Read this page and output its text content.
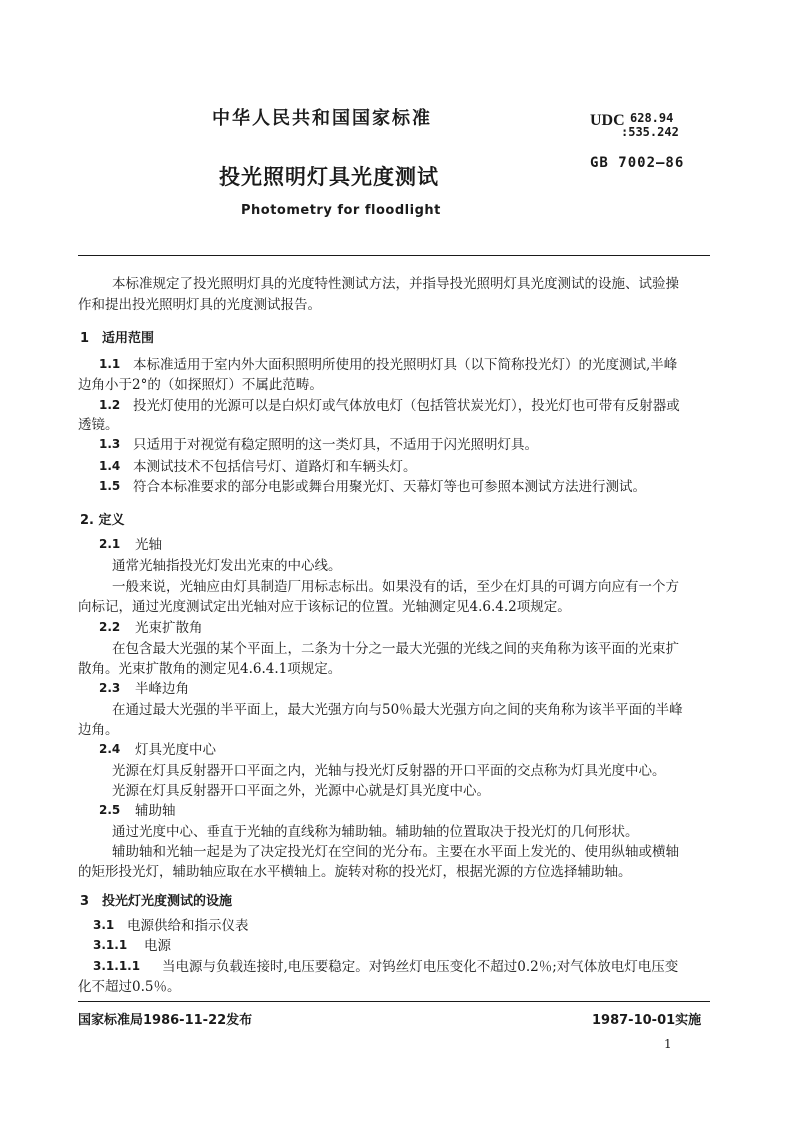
中华人民共和国国家标准	UDC 628.94
:535.242
GB 7002—86
投光照明灯具光度测试
Photometry for floodlight
本标准规定了投光照明灯具的光度特性测试方法，并指导投光照明灯具光度测试的设施、试验操
作和提出投光照明灯具的光度测试报告。
1　适用范围
1.1 本标准适用于室内外大面积照明所使用的投光照明灯具（以下简称投光灯）的光度测试,半峰
边角小于2°的（如探照灯）不属此范畴。
1.2 投光灯使用的光源可以是白炽灯或气体放电灯（包括管状炭光灯），投光灯也可带有反射器或
透镜。
1.3 只适用于对视觉有稳定照明的这一类灯具，不适用于闪光照明灯具。
1.4 本测试技术不包括信号灯、道路灯和车辆头灯。
1.5 符合本标准要求的部分电影或舞台用聚光灯、天幕灯等也可参照本测试方法进行测试。
2. 定义
2.1 光轴
通常光轴指投光灯发出光束的中心线。
一般来说，光轴应由灯具制造厂用标志标出。如果没有的话，至少在灯具的可调方向应有一个方
向标记，通过光度测试定出光轴对应于该标记的位置。光轴测定见4.6.4.2项规定。
2.2 光束扩散角
在包含最大光强的某个平面上，二条为十分之一最大光强的光线之间的夹角称为该平面的光束扩
散角。光束扩散角的测定见4.6.4.1项规定。
2.3 半峰边角
在通过最大光强的半平面上，最大光强方向与50％最大光强方向之间的夹角称为该半平面的半峰
边角。
2.4 灯具光度中心
光源在灯具反射器开口平面之内，光轴与投光灯反射器的开口平面的交点称为灯具光度中心。
光源在灯具反射器开口平面之外，光源中心就是灯具光度中心。
2.5 辅助轴
通过光度中心、垂直于光轴的直线称为辅助轴。辅助轴的位置取决于投光灯的几何形状。
辅助轴和光轴一起是为了决定投光灯在空间的光分布。主要在水平面上发光的、使用纵轴或横轴
的矩形投光灯，辅助轴应取在水平横轴上。旋转对称的投光灯，根据光源的方位选择辅助轴。
3　投光灯光度测试的设施
3.1 电源供给和指示仪表
3.1.1 电源
3.1.1.1 当电源与负载连接时,电压要稳定。对钨丝灯电压变化不超过0.2％;对气体放电灯电压变
化不超过0.5％。
国家标准局1986-11-22发布	1987-10-01实施
1
